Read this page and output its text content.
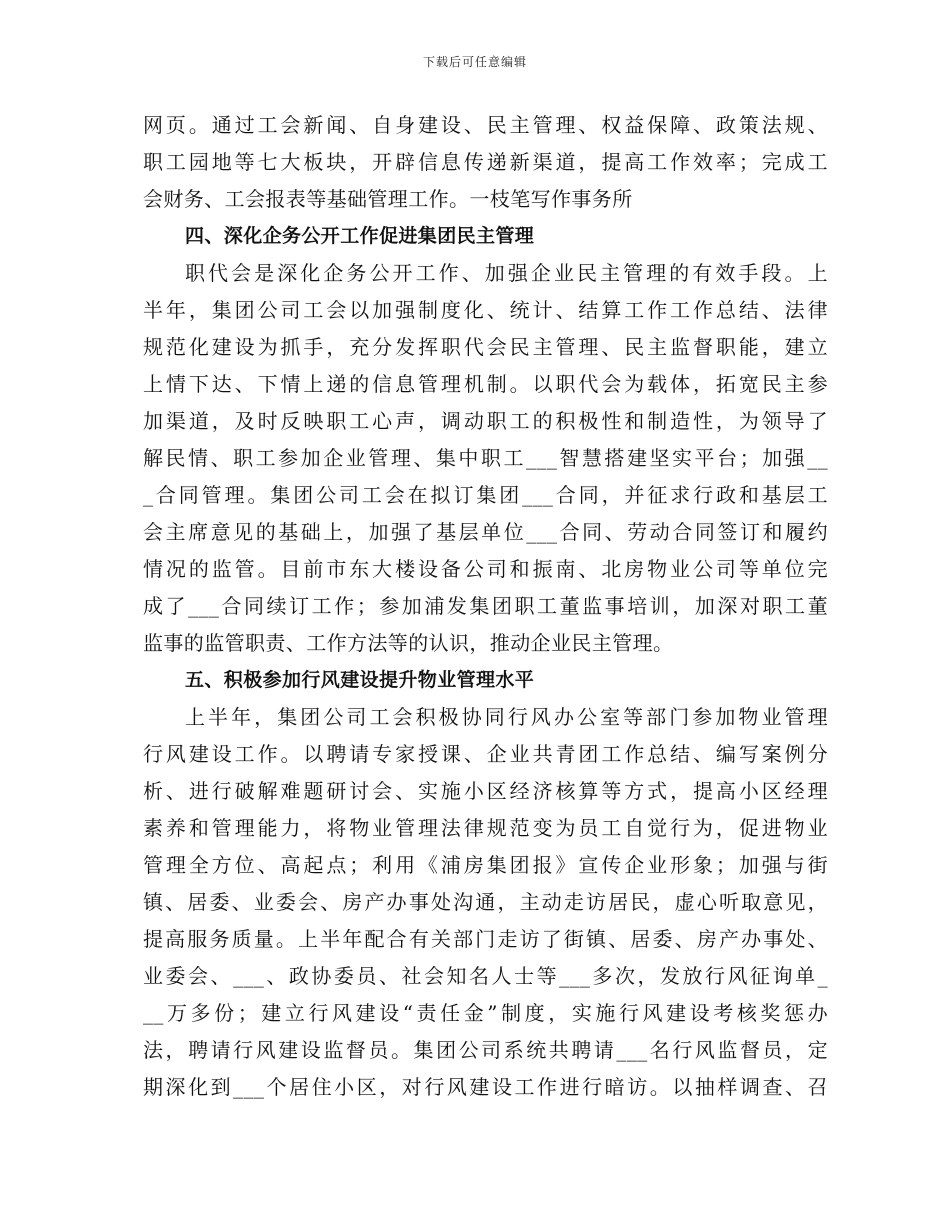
下载后可任意编辑
网页。通过工会新闻、自身建设、民主管理、权益保障、政策法规、
职工园地等七大板块，开辟信息传递新渠道，提高工作效率；完成工
会财务、工会报表等基础管理工作。一枝笔写作事务所
四、深化企务公开工作促进集团民主管理
职代会是深化企务公开工作、加强企业民主管理的有效手段。上
半年，集团公司工会以加强制度化、统计、结算工作工作总结、法律
规范化建设为抓手，充分发挥职代会民主管理、民主监督职能，建立
上情下达、下情上递的信息管理机制。以职代会为载体，拓宽民主参
加渠道，及时反映职工心声，调动职工的积极性和制造性，为领导了
解民情、职工参加企业管理、集中职工___智慧搭建坚实平台；加强__
_合同管理。集团公司工会在拟订集团___合同，并征求行政和基层工
会主席意见的基础上，加强了基层单位___合同、劳动合同签订和履约
情况的监管。目前市东大楼设备公司和振南、北房物业公司等单位完
成了___合同续订工作；参加浦发集团职工董监事培训，加深对职工董
监事的监管职责、工作方法等的认识，推动企业民主管理。
五、积极参加行风建设提升物业管理水平
上半年，集团公司工会积极协同行风办公室等部门参加物业管理
行风建设工作。以聘请专家授课、企业共青团工作总结、编写案例分
析、进行破解难题研讨会、实施小区经济核算等方式，提高小区经理
素养和管理能力，将物业管理法律规范变为员工自觉行为，促进物业
管理全方位、高起点；利用《浦房集团报》宣传企业形象；加强与街
镇、居委、业委会、房产办事处沟通，主动走访居民，虚心听取意见，
提高服务质量。上半年配合有关部门走访了街镇、居委、房产办事处、
业委会、___、政协委员、社会知名人士等___多次，发放行风征询单_
__万多份；建立行风建设“责任金”制度，实施行风建设考核奖惩办
法，聘请行风建设监督员。集团公司系统共聘请___名行风监督员，定
期深化到___个居住小区，对行风建设工作进行暗访。以抽样调查、召
